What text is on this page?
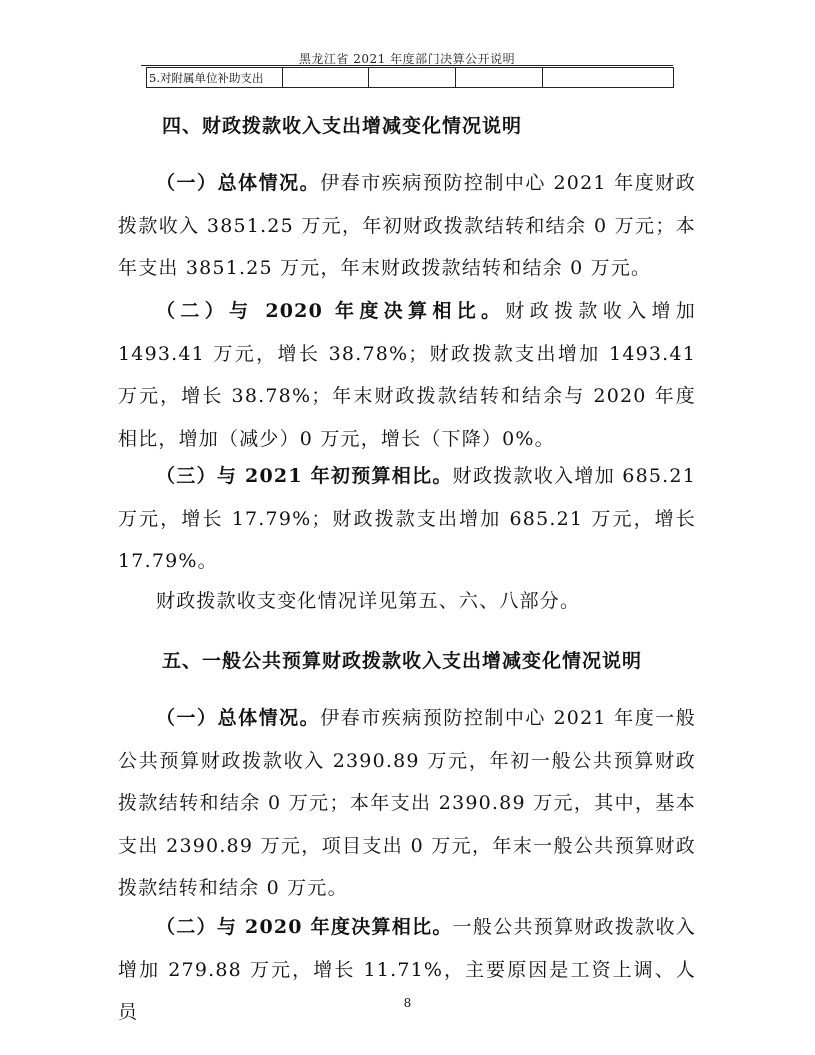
黑龙江省 2021 年度部门决算公开说明
5.对附属单位补助支出				
四、财政拨款收入支出增减变化情况说明

（一）总体情况。伊春市疾病预防控制中心 2021 年度财政拨款收入 3851.25 万元，年初财政拨款结转和结余 0 万元；本年支出 3851.25 万元，年末财政拨款结转和结余 0 万元。

（二）与 2020 年度决算相比。财政拨款收入增加 1493.41 万元，增长 38.78%；财政拨款支出增加 1493.41 万元，增长 38.78%；年末财政拨款结转和结余与 2020 年度相比，增加（减少）0 万元，增长（下降）0%。

（三）与 2021 年初预算相比。财政拨款收入增加 685.21 万元，增长 17.79%；财政拨款支出增加 685.21 万元，增长 17.79%。

财政拨款收支变化情况详见第五、六、八部分。

五、一般公共预算财政拨款收入支出增减变化情况说明

（一）总体情况。伊春市疾病预防控制中心 2021 年度一般公共预算财政拨款收入 2390.89 万元，年初一般公共预算财政拨款结转和结余 0 万元；本年支出 2390.89 万元，其中，基本支出 2390.89 万元，项目支出 0 万元，年末一般公共预算财政拨款结转和结余 0 万元。

（二）与 2020 年度决算相比。一般公共预算财政拨款收入增加 279.88 万元，增长 11.71%，主要原因是工资上调、人员	8
